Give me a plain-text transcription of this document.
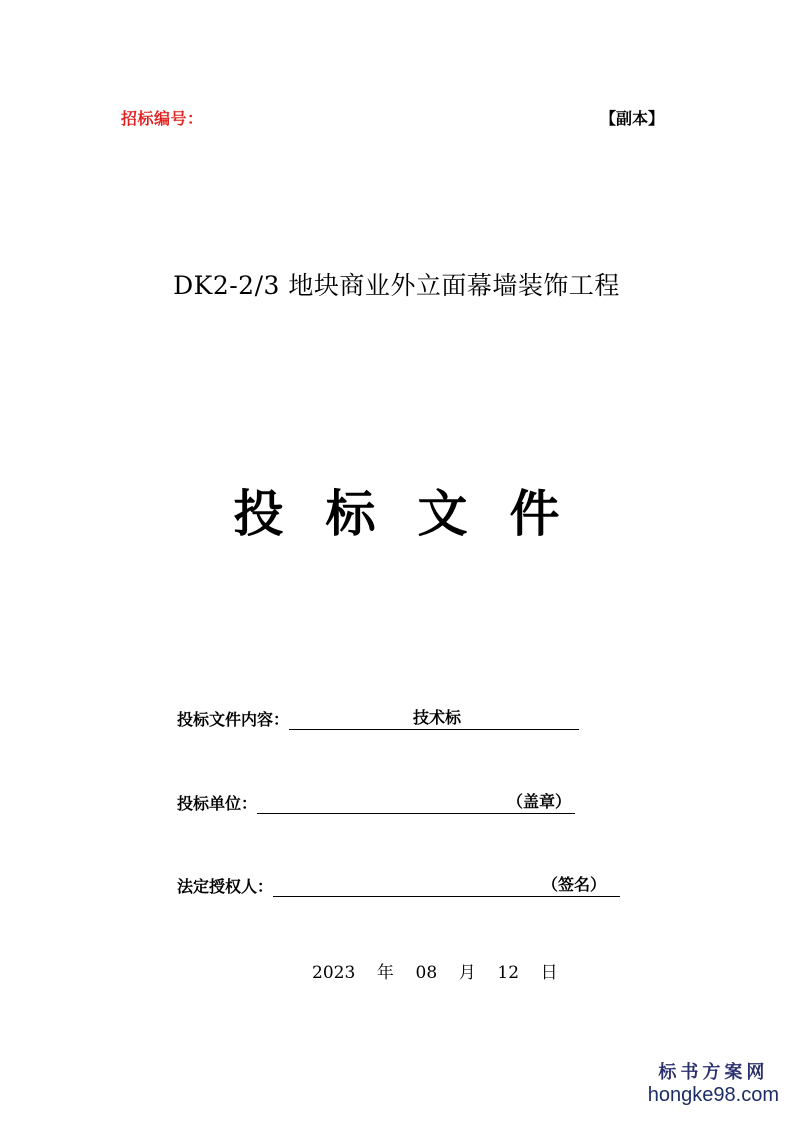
招标编号：	【副本】
DK2-2/3 地块商业外立面幕墙装饰工程
投标文件
投标文件内容：	技术标
投标单位：	（盖章）
法定授权人：	（签名）
2023 年 08 月 12 日
标书方案网
hongke98.com
